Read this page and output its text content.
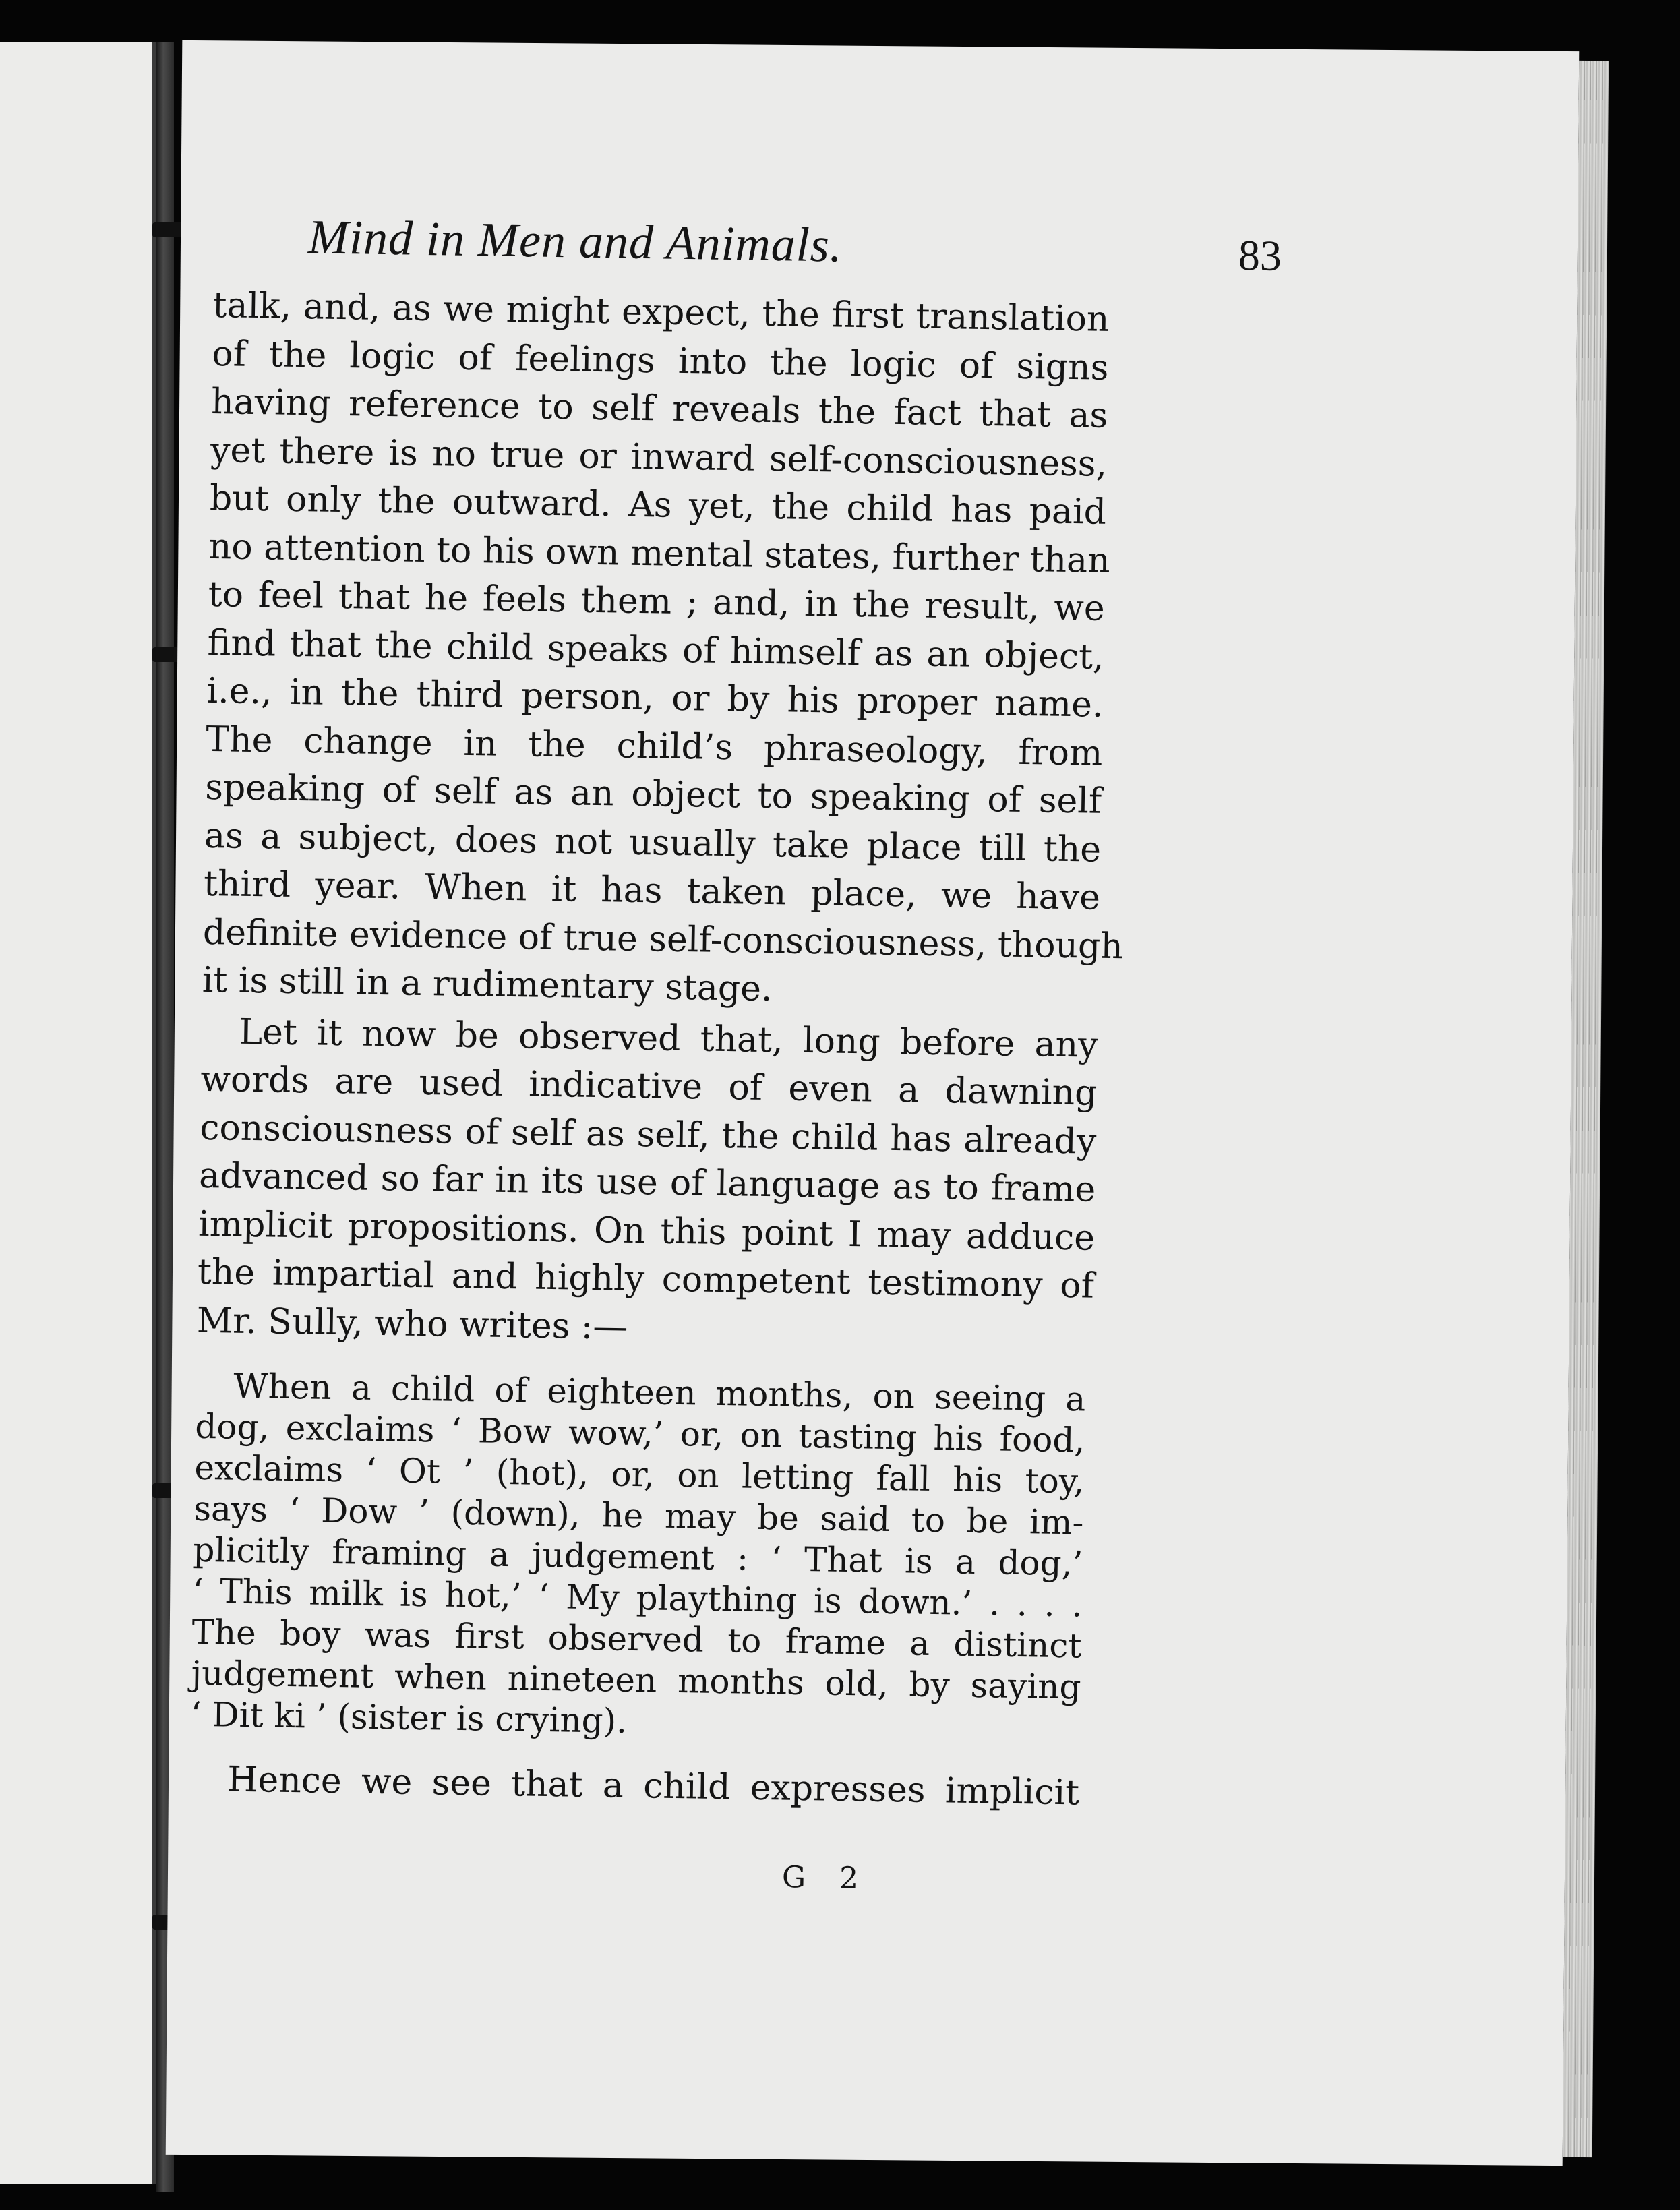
Mind in Men and Animals.	83
talk, and, as we might expect, the first translation
of the logic of feelings into the logic of signs
having reference to self reveals the fact that as
yet there is no true or inward self-consciousness,
but only the outward. As yet, the child has paid
no attention to his own mental states, further than
to feel that he feels them ; and, in the result, we
find that the child speaks of himself as an object,
i.e., in the third person, or by his proper name.
The change in the child’s phraseology, from
speaking of self as an object to speaking of self
as a subject, does not usually take place till the
third year. When it has taken place, we have
definite evidence of true self-consciousness, though
it is still in a rudimentary stage.
Let it now be observed that, long before any
words are used indicative of even a dawning
consciousness of self as self, the child has already
advanced so far in its use of language as to frame
implicit propositions. On this point I may adduce
the impartial and highly competent testimony of
Mr. Sully, who writes :—
When a child of eighteen months, on seeing a
dog, exclaims ‘ Bow wow,’ or, on tasting his food,
exclaims ‘ Ot ’ (hot), or, on letting fall his toy,
says ‘ Dow ’ (down), he may be said to be im-
plicitly framing a judgement : ‘ That is a dog,’
‘ This milk is hot,’ ‘ My plaything is down.’ . . . .
The boy was first observed to frame a distinct
judgement when nineteen months old, by saying
‘ Dit ki ’ (sister is crying).
Hence we see that a child expresses implicit
G 2
